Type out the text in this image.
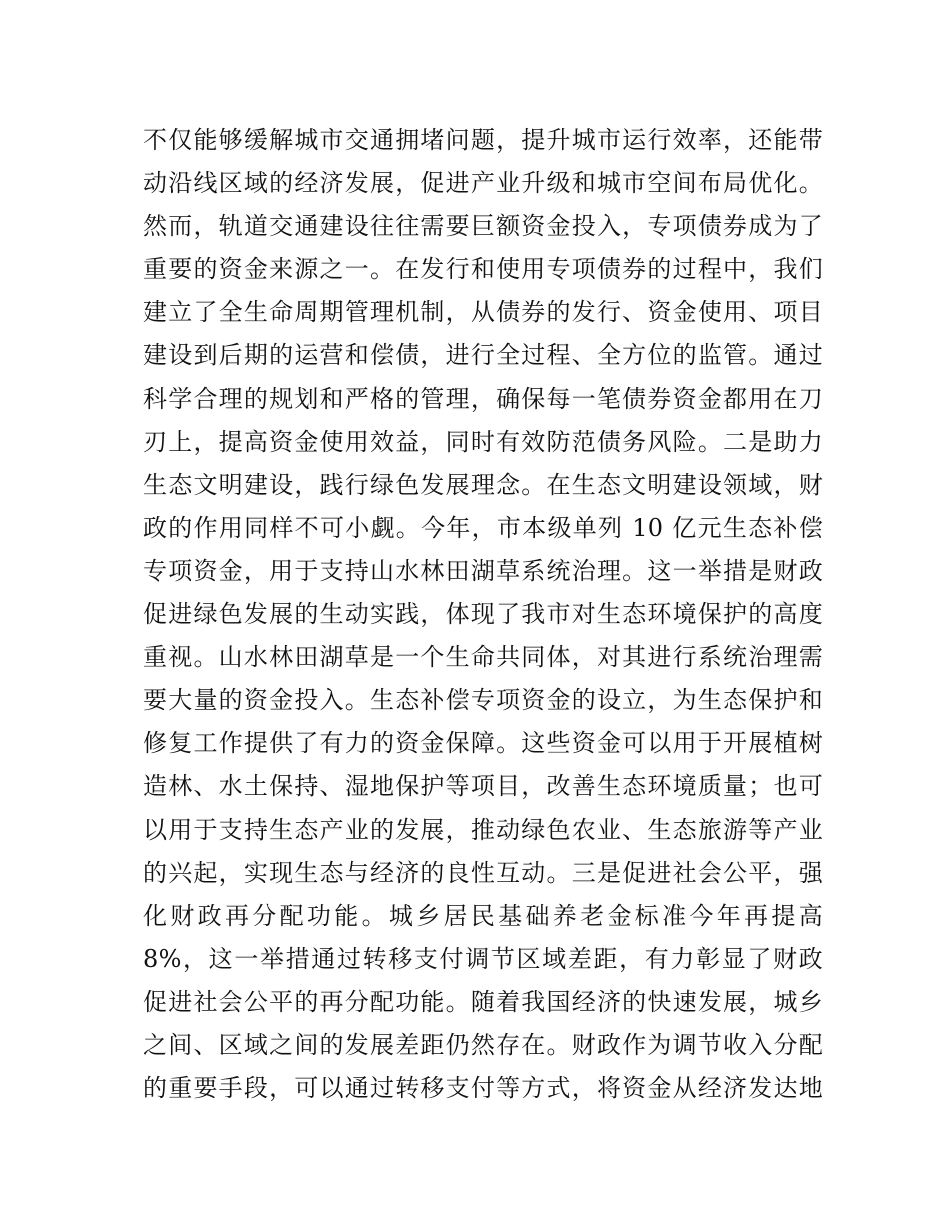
不仅能够缓解城市交通拥堵问题，提升城市运行效率，还能带
动沿线区域的经济发展，促进产业升级和城市空间布局优化。
然而，轨道交通建设往往需要巨额资金投入，专项债券成为了
重要的资金来源之一。在发行和使用专项债券的过程中，我们
建立了全生命周期管理机制，从债券的发行、资金使用、项目
建设到后期的运营和偿债，进行全过程、全方位的监管。通过
科学合理的规划和严格的管理，确保每一笔债券资金都用在刀
刃上，提高资金使用效益，同时有效防范债务风险。二是助力
生态文明建设，践行绿色发展理念。在生态文明建设领域，财
政的作用同样不可小觑。今年，市本级单列 10 亿元生态补偿
专项资金，用于支持山水林田湖草系统治理。这一举措是财政
促进绿色发展的生动实践，体现了我市对生态环境保护的高度
重视。山水林田湖草是一个生命共同体，对其进行系统治理需
要大量的资金投入。生态补偿专项资金的设立，为生态保护和
修复工作提供了有力的资金保障。这些资金可以用于开展植树
造林、水土保持、湿地保护等项目，改善生态环境质量；也可
以用于支持生态产业的发展，推动绿色农业、生态旅游等产业
的兴起，实现生态与经济的良性互动。三是促进社会公平，强
化财政再分配功能。城乡居民基础养老金标准今年再提高
8%，这一举措通过转移支付调节区域差距，有力彰显了财政
促进社会公平的再分配功能。随着我国经济的快速发展，城乡
之间、区域之间的发展差距仍然存在。财政作为调节收入分配
的重要手段，可以通过转移支付等方式，将资金从经济发达地
